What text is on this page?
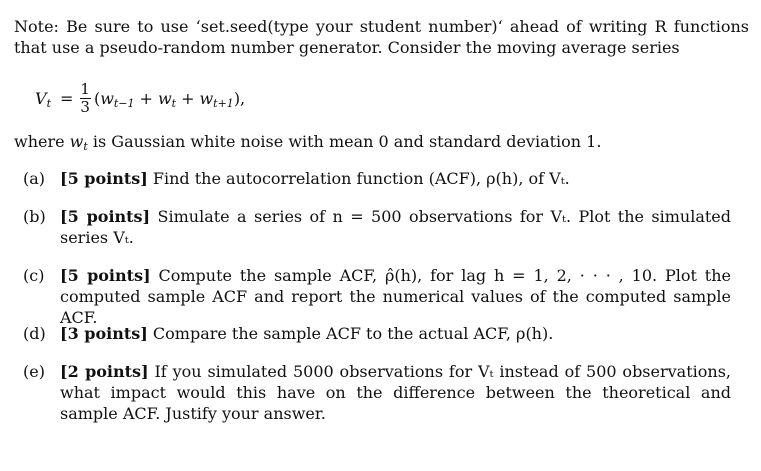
Note: Be sure to use ‘set.seed(type your student number)‘ ahead of writing R functions that use a pseudo-random number generator. Consider the moving average series

$V_t = \frac{1}{3}$ ( $w_{t-1} + w_t + w_{t+1}$ ),

where $w_t$ is Gaussian white noise with mean 0 and standard deviation 1.

(a) [5 points] Find the autocorrelation function (ACF), ρ(h), of Vₜ.
(b) [5 points] Simulate a series of n = 500 observations for Vₜ. Plot the simulated series Vₜ.
(c) [5 points] Compute the sample ACF, ρ̂(h), for lag h = 1, 2, · · · , 10. Plot the computed sample ACF and report the numerical values of the computed sample ACF.
(d) [3 points] Compare the sample ACF to the actual ACF, ρ(h).
(e) [2 points] If you simulated 5000 observations for Vₜ instead of 500 observations, what impact would this have on the difference between the theoretical and sample ACF. Justify your answer.
